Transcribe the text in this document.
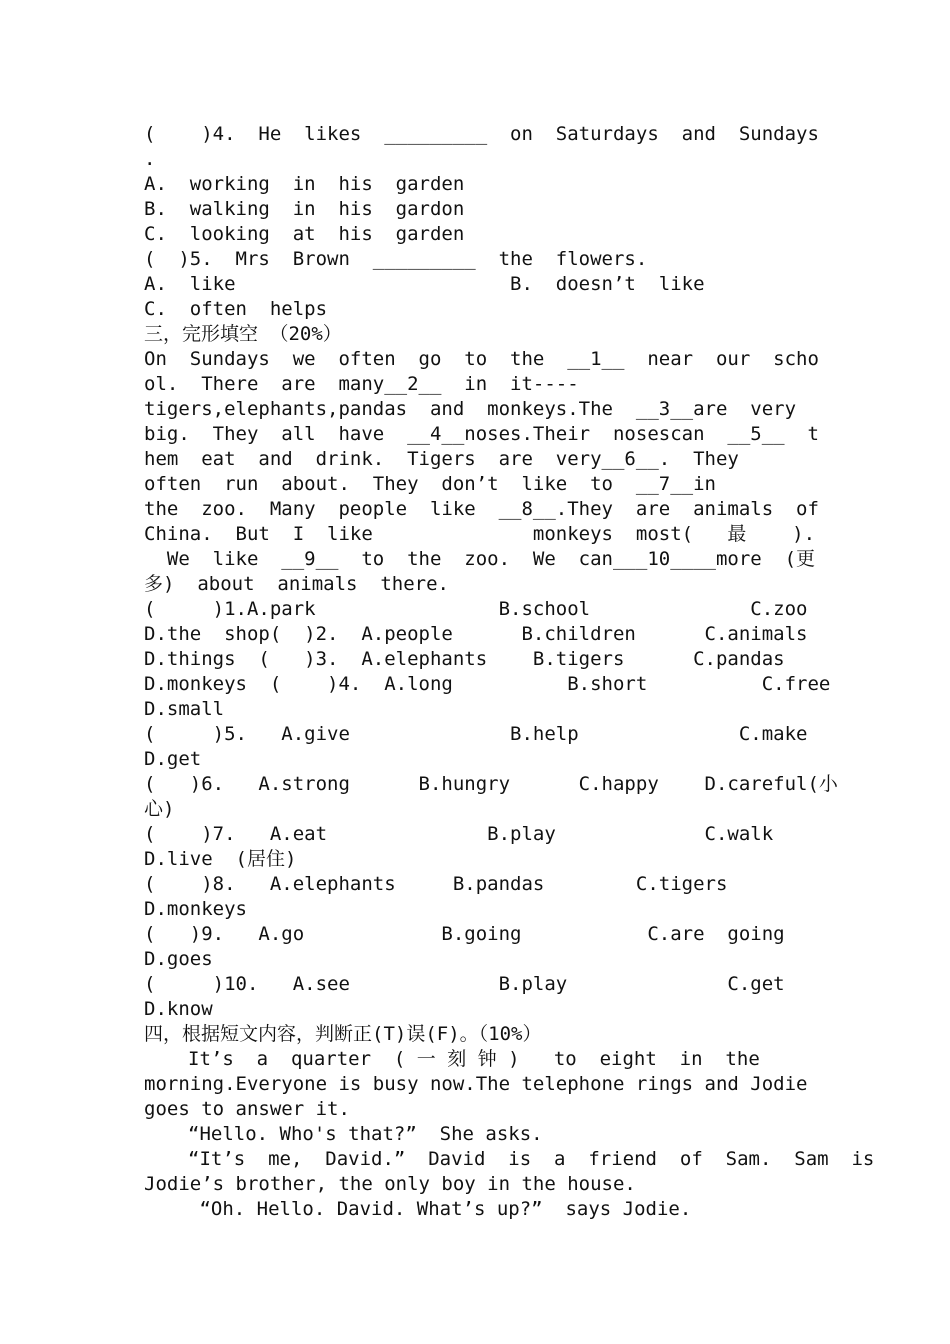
(    )4.  He  likes  _________  on  Saturdays  and  Sundays
.
A.  working  in  his  garden
B.  walking  in  his  gardon
C.  looking  at  his  garden
(  )5.  Mrs  Brown  _________  the  flowers.
A.  like                        B.  doesn’t  like
C.  often  helps
三，完形填空 （20%）
On  Sundays  we  often  go  to  the  __1__  near  our  scho
ol.  There  are  many__2__  in  it----
tigers,elephants,pandas  and  monkeys.The  __3__are  very
big.  They  all  have  __4__noses.Their  nosescan  __5__  t
hem  eat  and  drink.  Tigers  are  very__6__.  They
often  run  about.  They  don’t  like  to  __7__in
the  zoo.  Many  people  like  __8__.They  are  animals  of
China.  But  I  like              monkeys  most(   最    ).
We  like  __9__  to  the  zoo.  We  can___10____more  (更
多)  about  animals  there.
(     )1.A.park                B.school              C.zoo
D.the  shop(  )2.  A.people      B.children      C.animals
D.things  (   )3.  A.elephants    B.tigers      C.pandas
D.monkeys  (    )4.  A.long          B.short          C.free
D.small
(     )5.   A.give              B.help              C.make
D.get
(   )6.   A.strong      B.hungry      C.happy    D.careful(小
心)
(    )7.   A.eat              B.play             C.walk
D.live  (居住)
(    )8.   A.elephants     B.pandas        C.tigers
D.monkeys
(   )9.   A.go            B.going           C.are  going
D.goes
(     )10.   A.see             B.play              C.get
D.know
四，根据短文内容，判断正(T)误(F)。（10%）
It’s  a  quarter  ( 一 刻 钟 )   to  eight  in  the
morning.Everyone is busy now.The telephone rings and Jodie
goes to answer it.
“Hello. Who's that?”  She asks.
“It’s  me,  David.”  David  is  a  friend  of  Sam.  Sam  is
Jodie’s brother, the only boy in the house.
“Oh. Hello. David. What’s up?”  says Jodie.
